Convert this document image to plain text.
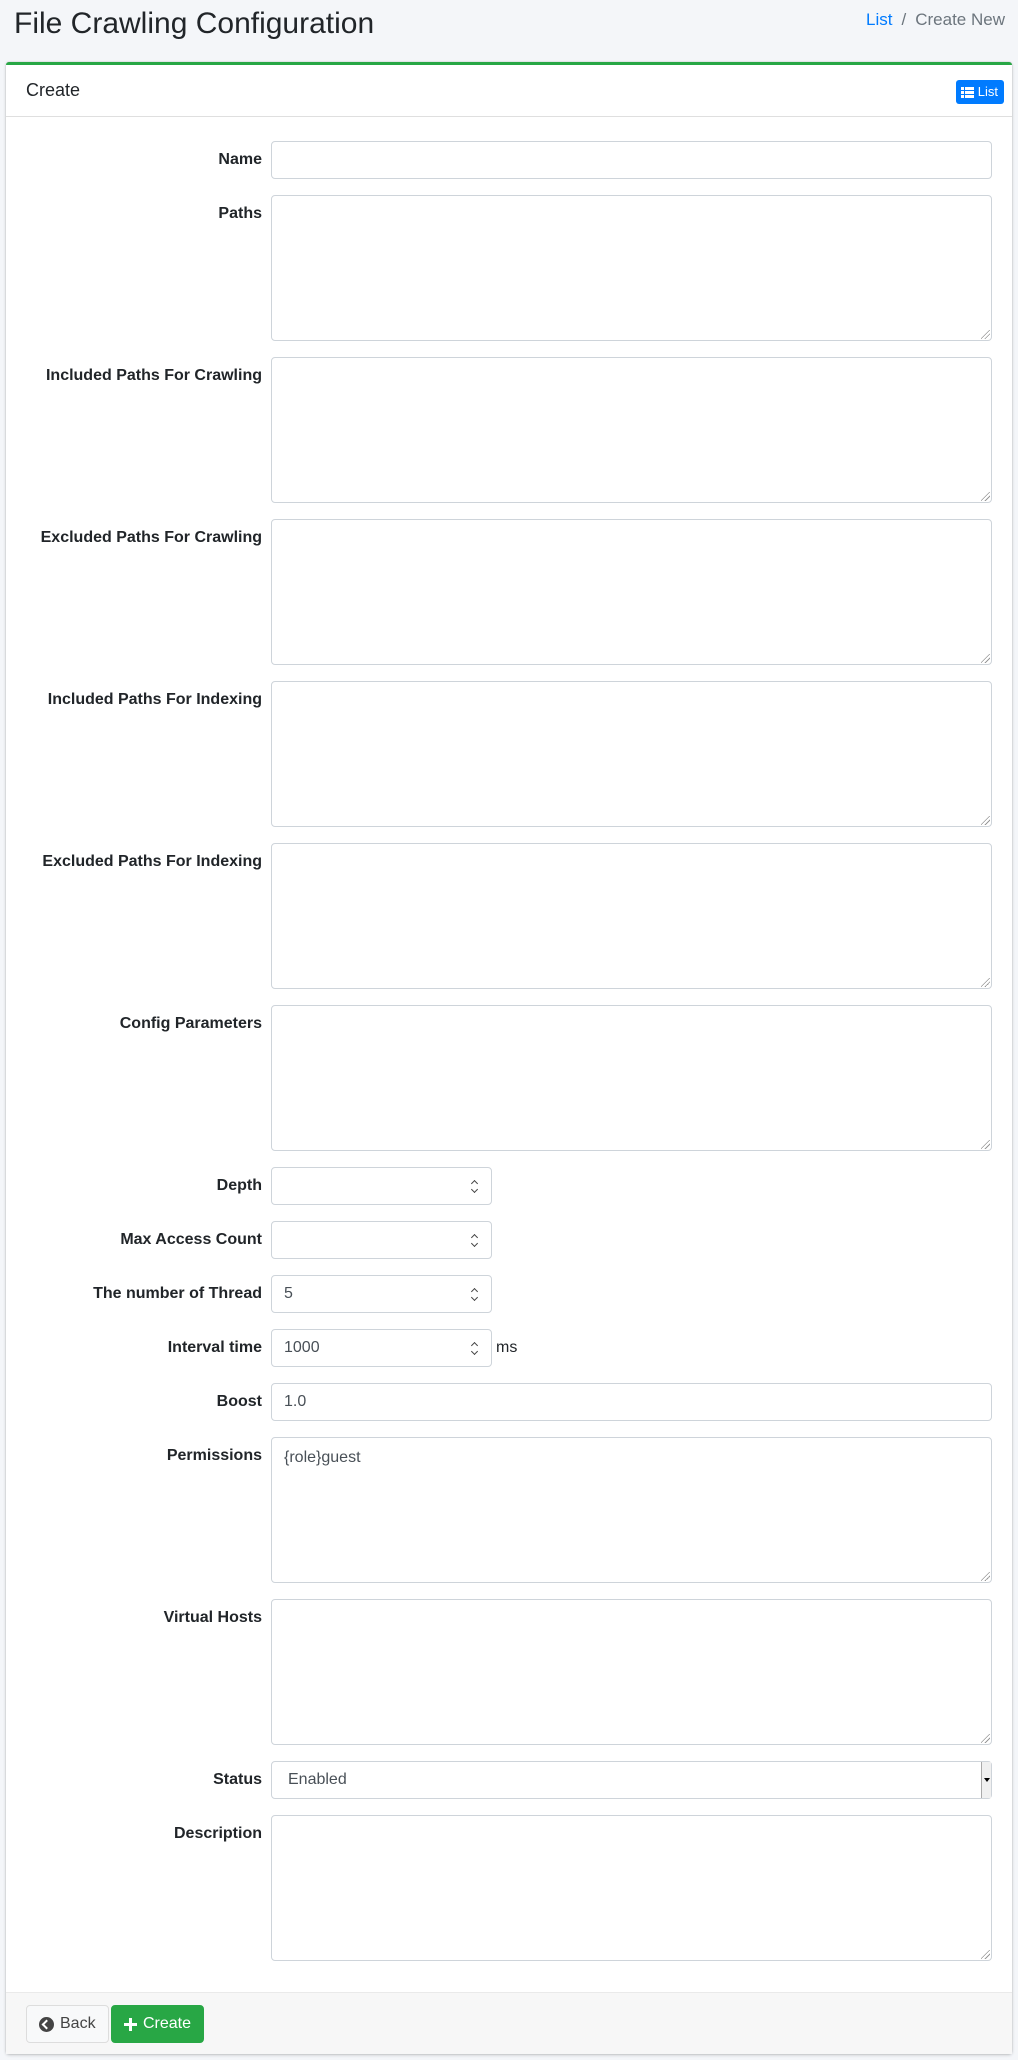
File Crawling Configuration	List / Create New
Create	List
Name
Paths
Included Paths For Crawling
Excluded Paths For Crawling
Included Paths For Indexing
Excluded Paths For Indexing
Config Parameters
Depth
Max Access Count
The number of Thread	5
Interval time	1000	ms
Boost	1.0
Permissions	{role}guest
Virtual Hosts
Status	Enabled
Description
Back	Create
